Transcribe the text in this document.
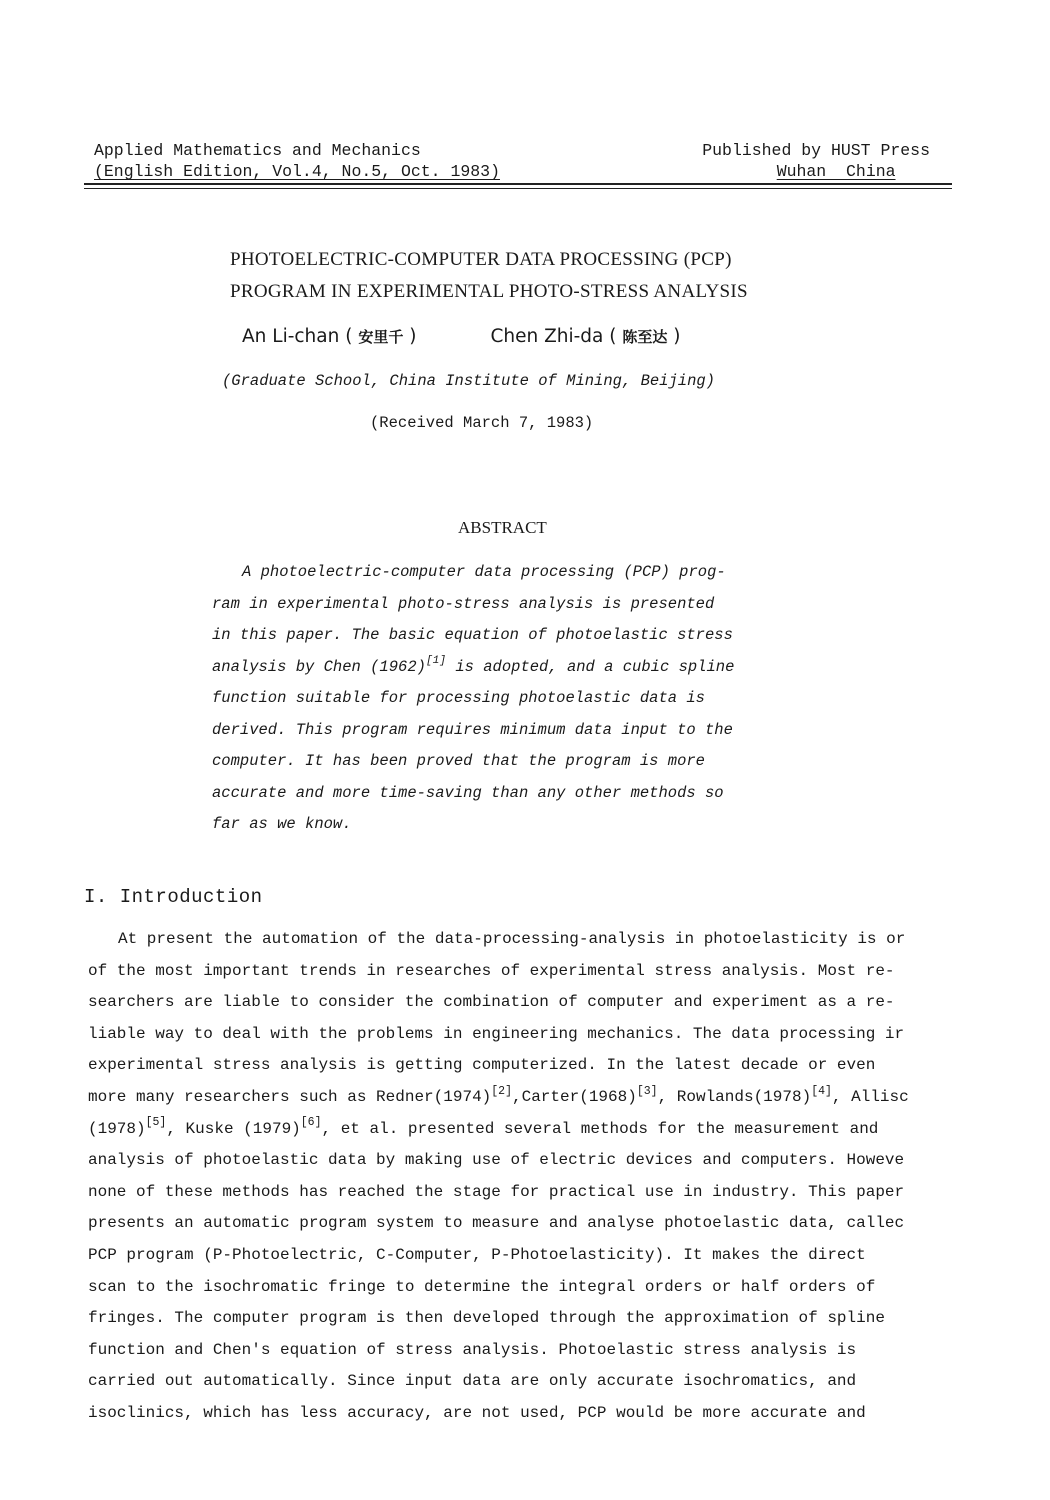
Applied Mathematics and Mechanics
(English Edition, Vol.4, No.5, Oct. 1983)
Published by HUST Press
Wuhan  China
PHOTOELECTRIC-COMPUTER DATA PROCESSING (PCP)
PROGRAM IN EXPERIMENTAL PHOTO-STRESS ANALYSIS
An Li-chan ( 安里千 )	Chen Zhi-da ( 陈至达 )
(Graduate School, China Institute of Mining, Beijing)
(Received March 7, 1983)
ABSTRACT
A photoelectric-computer data processing (PCP) prog-
ram in experimental photo-stress analysis is presented
in this paper. The basic equation of photoelastic stress
analysis by Chen (1962)[1] is adopted, and a cubic spline
function suitable for processing photoelastic data is
derived. This program requires minimum data input to the
computer. It has been proved that the program is more
accurate and more time-saving than any other methods so
far as we know.
I. Introduction
At present the automation of the data-processing-analysis in photoelasticity is or
of the most important trends in researches of experimental stress analysis. Most re-
searchers are liable to consider the combination of computer and experiment as a re-
liable way to deal with the problems in engineering mechanics. The data processing ir
experimental stress analysis is getting computerized. In the latest decade or even
more many researchers such as Redner(1974)[2],Carter(1968)[3], Rowlands(1978)[4], Allisc
(1978)[5], Kuske (1979)[6], et al. presented several methods for the measurement and
analysis of photoelastic data by making use of electric devices and computers. Howeve
none of these methods has reached the stage for practical use in industry. This paper
presents an automatic program system to measure and analyse photoelastic data, callec
PCP program (P-Photoelectric, C-Computer, P-Photoelasticity). It makes the direct
scan to the isochromatic fringe to determine the integral orders or half orders of
fringes. The computer program is then developed through the approximation of spline
function and Chen's equation of stress analysis. Photoelastic stress analysis is
carried out automatically. Since input data are only accurate isochromatics, and
isoclinics, which has less accuracy, are not used, PCP would be more accurate and
